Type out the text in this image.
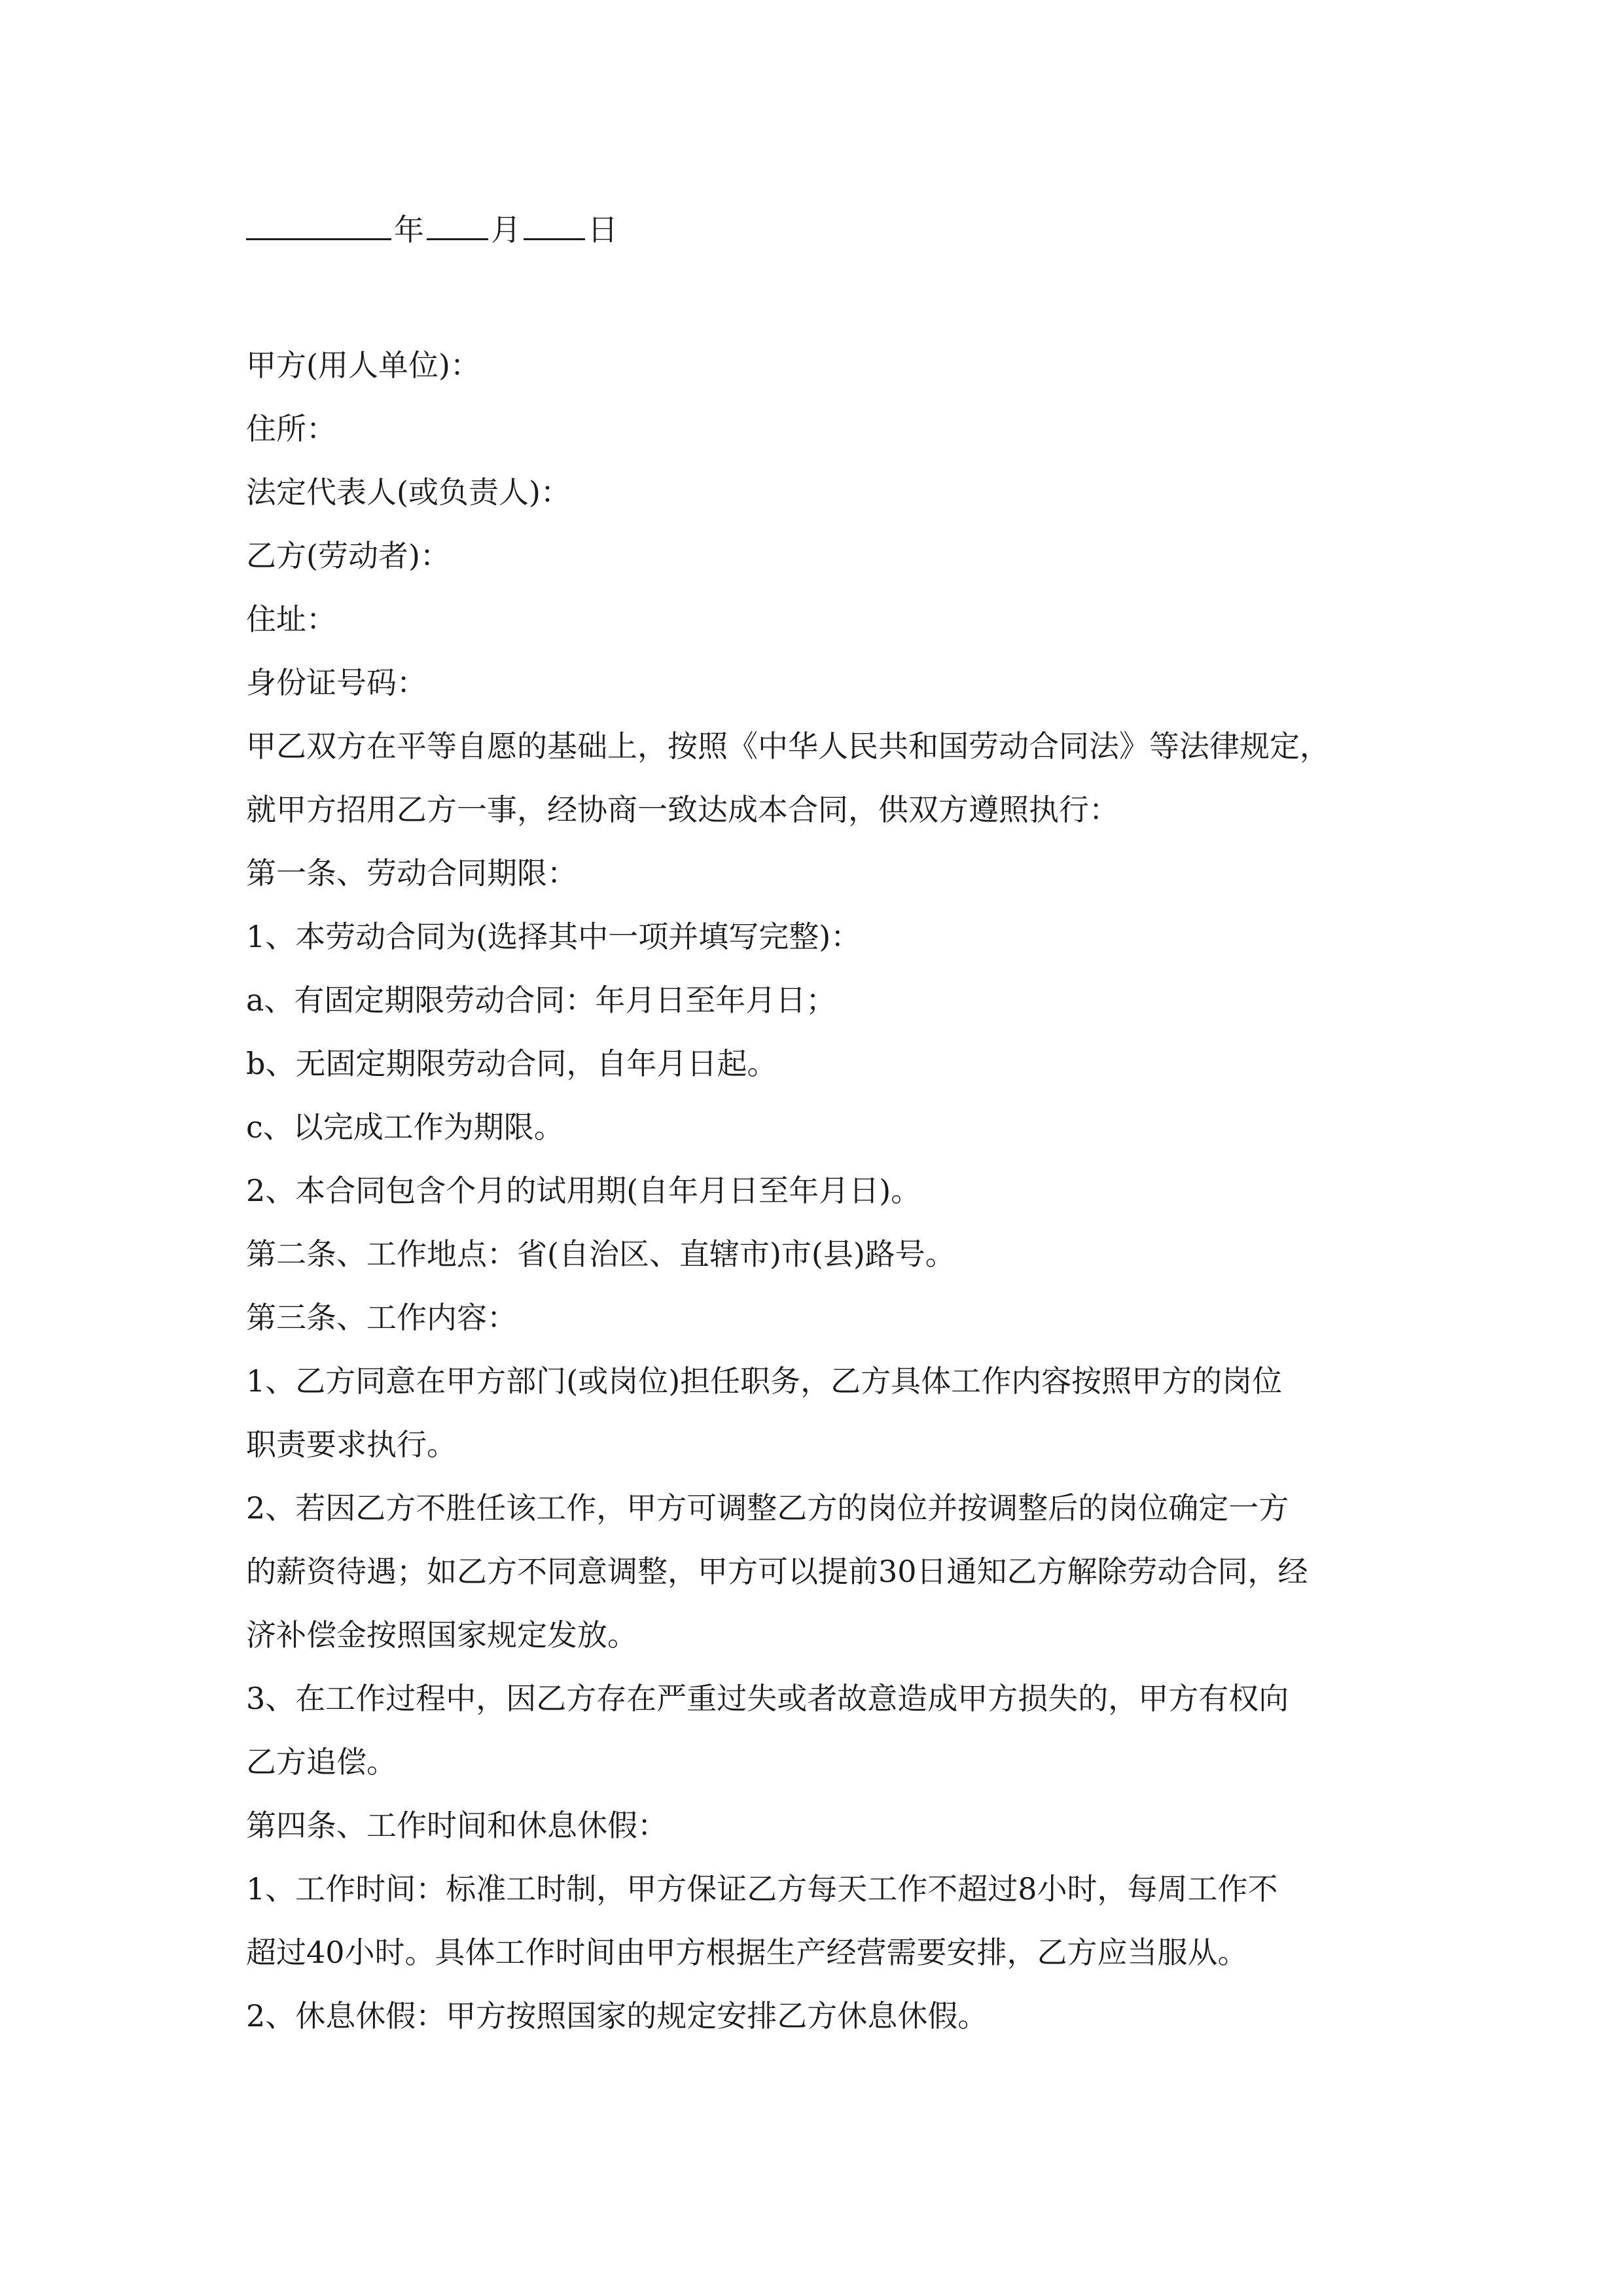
年 月 日

甲方(用人单位)：

住所：

法定代表人(或负责人)：

乙方(劳动者)：

住址：

身份证号码：

甲乙双方在平等自愿的基础上，按照《中华人民共和国劳动合同法》等法律规定，

就甲方招用乙方一事，经协商一致达成本合同，供双方遵照执行：

第一条、劳动合同期限：

1、本劳动合同为(选择其中一项并填写完整)：

a、有固定期限劳动合同：年月日至年月日；

b、无固定期限劳动合同，自年月日起。

c、以完成工作为期限。

2、本合同包含个月的试用期(自年月日至年月日)。

第二条、工作地点：省(自治区、直辖市)市(县)路号。

第三条、工作内容：

1、乙方同意在甲方部门(或岗位)担任职务，乙方具体工作内容按照甲方的岗位

职责要求执行。

2、若因乙方不胜任该工作，甲方可调整乙方的岗位并按调整后的岗位确定一方

的薪资待遇；如乙方不同意调整，甲方可以提前30日通知乙方解除劳动合同，经

济补偿金按照国家规定发放。

3、在工作过程中，因乙方存在严重过失或者故意造成甲方损失的，甲方有权向

乙方追偿。

第四条、工作时间和休息休假：

1、工作时间：标准工时制，甲方保证乙方每天工作不超过8小时，每周工作不

超过40小时。具体工作时间由甲方根据生产经营需要安排，乙方应当服从。

2、休息休假：甲方按照国家的规定安排乙方休息休假。
